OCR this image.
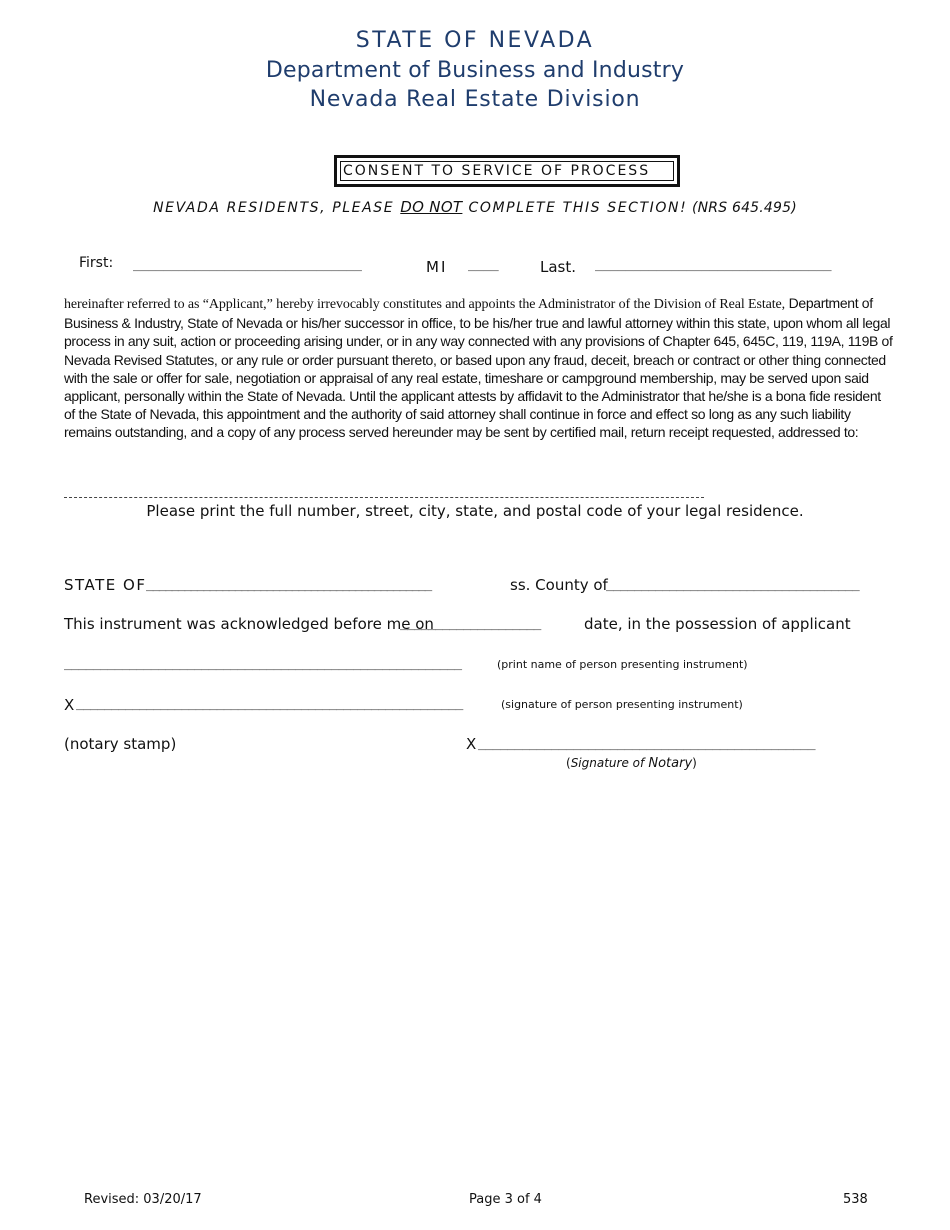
STATE OF NEVADA
Department of Business and Industry
Nevada Real Estate Division
CONSENT TO SERVICE OF PROCESS
NEVADA RESIDENTS, PLEASE DO NOT COMPLETE THIS SECTION! (NRS 645.495)
First: ______________________________	MI ____	Last. _______________________________
hereinafter referred to as “Applicant,” hereby irrevocably constitutes and appoints the Administrator of the Division of Real Estate, Department of Business & Industry, State of Nevada or his/her successor in office, to be his/her true and lawful attorney within this state, upon whom all legal process in any suit, action or proceeding arising under, or in any way connected with any provisions of Chapter 645, 645C, 119, 119A, 119B of Nevada Revised Statutes, or any rule or order pursuant thereto, or based upon any fraud, deceit, breach or contract or other thing connected with the sale or offer for sale, negotiation or appraisal of any real estate, timeshare or campground membership, may be served upon said applicant, personally within the State of Nevada. Until the applicant attests by affidavit to the Administrator that he/she is a bona fide resident of the State of Nevada, this appointment and the authority of said attorney shall continue in force and effect so long as any such liability remains outstanding, and a copy of any process served hereunder may be sent by certified mail, return receipt requested, addressed to:
Please print the full number, street, city, state, and postal code of your legal residence.
STATE OF _____________________________________________	ss. County of
____________________________________
This instrument was acknowledged before me on
____________________	date, in the possession of applicant
_______________________________________________________	(print name of person presenting instrument)
X _______________________________________________________	(signature of person presenting instrument)
(notary stamp)	X ______________________________________________
(Signature of Notary)
Revised: 03/20/17	Page 3 of 4	538
